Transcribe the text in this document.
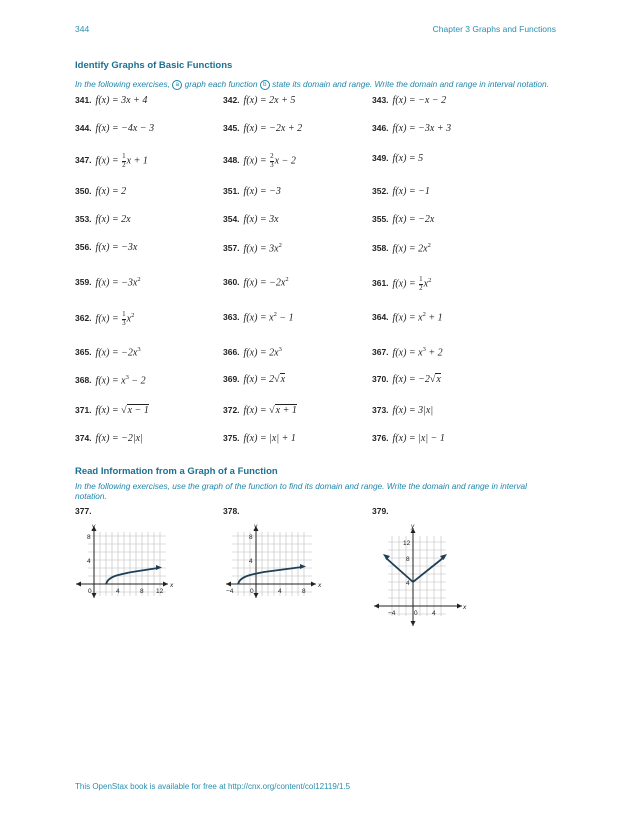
344	Chapter 3 Graphs and Functions
Identify Graphs of Basic Functions
In the following exercises, a graph each function b state its domain and range. Write the domain and range in interval notation.
341. f(x) = 3x + 4	342. f(x) = 2x + 5	343. f(x) = −x − 2
344. f(x) = −4x − 3	345. f(x) = −2x + 2	346. f(x) = −3x + 3
347. $f(x) = \frac{1}{2}$ x + 1	348. $f(x) = \frac{2}{3}$ x − 2	349. f(x) = 5
350. f(x) = 2	351. f(x) = −3	352. f(x) = −1
353. f(x) = 2x	354. f(x) = 3x	355. f(x) = −2x
356. f(x) = −3x	357. $f(x) = 3x^2$	358. $f(x) = 2x^2$
359. $f(x) = -3x^2$	360. $f(x) = -2x^2$	361. $f(x) = \frac{1}{2} x^2$
362. $f(x) = \frac{1}{3} x^2$	363. $f(x) = x^2 - 1$	364. $f(x) = x^2 + 1$
365. $f(x) = -2x^3$	366. $f(x) = 2x^3$	367. $f(x) = x^3 + 2$
368. $f(x) = x^3 - 2$	369. f(x) = 2√x	370. f(x) = −2√x
371. f(x) = √x − 1	372. f(x) = √x + 1	373. f(x) = 3|x|
374. f(x) = −2|x|	375. f(x) = |x| + 1	376. f(x) = |x| − 1
Read Information from a Graph of a Function
In the following exercises, use the graph of the function to find its domain and range. Write the domain and range in interval notation.
377.	378.	379.
y
x
8
4
0	4	8 12
y
x
8
4
−4	0	4	8
y
x
12
8
4
−4	0 4
This OpenStax book is available for free at http://cnx.org/content/col12119/1.5
